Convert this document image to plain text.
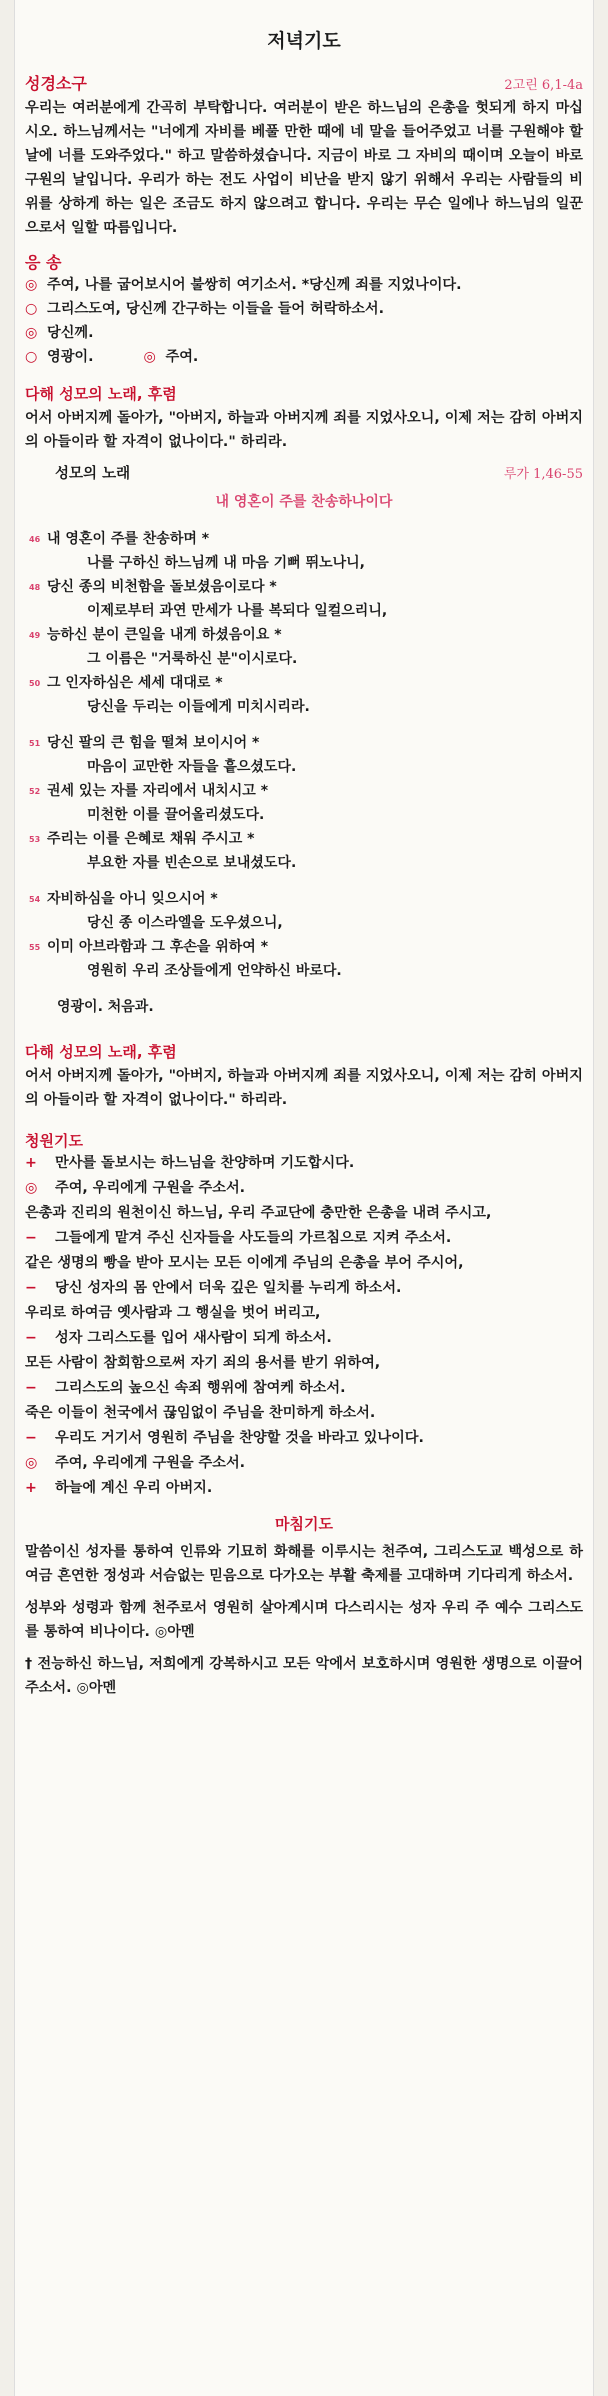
저녁기도
성경소구	2고린 6,1-4a

우리는 여러분에게 간곡히 부탁합니다. 여러분이 받은 하느님의 은총을 헛되게 하지 마십시오. 하느님께서는 "너에게 자비를 베풀 만한 때에 네 말을 들어주었고 너를 구원해야 할 날에 너를 도와주었다." 하고 말씀하셨습니다. 지금이 바로 그 자비의 때이며 오늘이 바로 구원의 날입니다. 우리가 하는 전도 사업이 비난을 받지 않기 위해서 우리는 사람들의 비위를 상하게 하는 일은 조금도 하지 않으려고 합니다. 우리는 무슨 일에나 하느님의 일꾼으로서 일할 따름입니다.

응 송
◎ 주여, 나를 굽어보시어 불쌍히 여기소서. *당신께 죄를 지었나이다.
○ 그리스도여, 당신께 간구하는 이들을 들어 허락하소서.
◎ 당신께.
○ 영광이.	◎ 주여.
다해 성모의 노래, 후렴

어서 아버지께 돌아가, "아버지, 하늘과 아버지께 죄를 지었사오니, 이제 저는 감히 아버지의 아들이라 할 자격이 없나이다." 하리라.

성모의 노래	루가 1,46-55
내 영혼이 주를 찬송하나이다
46 내 영혼이 주를 찬송하며 *
나를 구하신 하느님께 내 마음 기뻐 뛰노나니,
48 당신 종의 비천함을 돌보셨음이로다 *
이제로부터 과연 만세가 나를 복되다 일컬으리니,
49 능하신 분이 큰일을 내게 하셨음이요 *
그 이름은 "거룩하신 분"이시로다.
50 그 인자하심은 세세 대대로 *
당신을 두리는 이들에게 미치시리라.
51 당신 팔의 큰 힘을 떨쳐 보이시어 *
마음이 교만한 자들을 흩으셨도다.
52 권세 있는 자를 자리에서 내치시고 *
미천한 이를 끌어올리셨도다.
53 주리는 이를 은혜로 채워 주시고 *
부요한 자를 빈손으로 보내셨도다.
54 자비하심을 아니 잊으시어 *
당신 종 이스라엘을 도우셨으니,
55 이미 아브라함과 그 후손을 위하여 *
영원히 우리 조상들에게 언약하신 바로다.
영광이. 처음과.
다해 성모의 노래, 후렴

어서 아버지께 돌아가, "아버지, 하늘과 아버지께 죄를 지었사오니, 이제 저는 감히 아버지의 아들이라 할 자격이 없나이다." 하리라.

청원기도
+	만사를 돌보시는 하느님을 찬양하며 기도합시다.
◎	주여, 우리에게 구원을 주소서.
은총과 진리의 원천이신 하느님, 우리 주교단에 충만한 은총을 내려 주시고,
−	그들에게 맡겨 주신 신자들을 사도들의 가르침으로 지켜 주소서.
같은 생명의 빵을 받아 모시는 모든 이에게 주님의 은총을 부어 주시어,
−	당신 성자의 몸 안에서 더욱 깊은 일치를 누리게 하소서.
우리로 하여금 옛사람과 그 행실을 벗어 버리고,
−	성자 그리스도를 입어 새사람이 되게 하소서.
모든 사람이 참회함으로써 자기 죄의 용서를 받기 위하여,
−	그리스도의 높으신 속죄 행위에 참여케 하소서.
죽은 이들이 천국에서 끊임없이 주님을 찬미하게 하소서.
−	우리도 거기서 영원히 주님을 찬양할 것을 바라고 있나이다.
◎	주여, 우리에게 구원을 주소서.
+	하늘에 계신 우리 아버지.
마침기도

말씀이신 성자를 통하여 인류와 기묘히 화해를 이루시는 천주여, 그리스도교 백성으로 하여금 흔연한 정성과 서슴없는 믿음으로 다가오는 부활 축제를 고대하며 기다리게 하소서.

성부와 성령과 함께 천주로서 영원히 살아계시며 다스리시는 성자 우리 주 예수 그리스도를 통하여 비나이다. ◎아멘

† 전능하신 하느님, 저희에게 강복하시고 모든 악에서 보호하시며 영원한 생명으로 이끌어 주소서. ◎아멘
